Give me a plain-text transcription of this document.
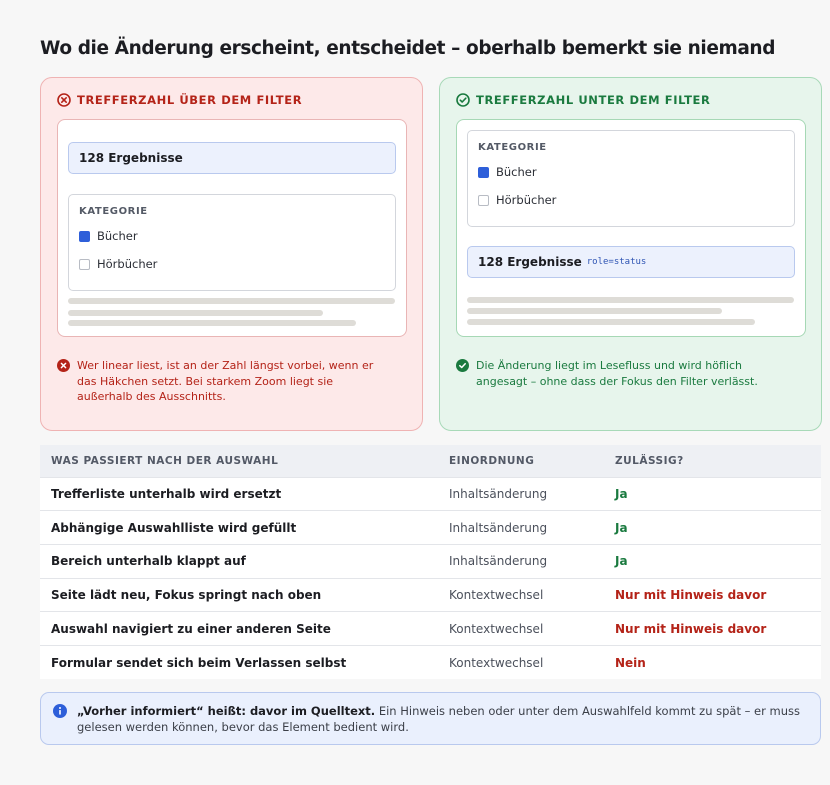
Wo die Änderung erscheint, entscheidet – oberhalb bemerkt sie niemand
TREFFERZAHL ÜBER DEM FILTER
128 Ergebnisse
KATEGORIE
Bücher
Hörbücher
Wer linear liest, ist an der Zahl längst vorbei, wenn er das Häkchen setzt. Bei starkem Zoom liegt sie außerhalb des Ausschnitts.
TREFFERZAHL UNTER DEM FILTER
KATEGORIE
Bücher
Hörbücher
128 Ergebnisse role=status
Die Änderung liegt im Lesefluss und wird höflich angesagt – ohne dass der Fokus den Filter verlässt.
WAS PASSIERT NACH DER AUSWAHL	EINORDNUNG	ZULÄSSIG?
Trefferliste unterhalb wird ersetzt	Inhaltsänderung	Ja
Abhängige Auswahlliste wird gefüllt	Inhaltsänderung	Ja
Bereich unterhalb klappt auf	Inhaltsänderung	Ja
Seite lädt neu, Fokus springt nach oben	Kontextwechsel	Nur mit Hinweis davor
Auswahl navigiert zu einer anderen Seite	Kontextwechsel	Nur mit Hinweis davor
Formular sendet sich beim Verlassen selbst	Kontextwechsel	Nein
„Vorher informiert“ heißt: davor im Quelltext. Ein Hinweis neben oder unter dem Auswahlfeld kommt zu spät – er muss gelesen werden können, bevor das Element bedient wird.
